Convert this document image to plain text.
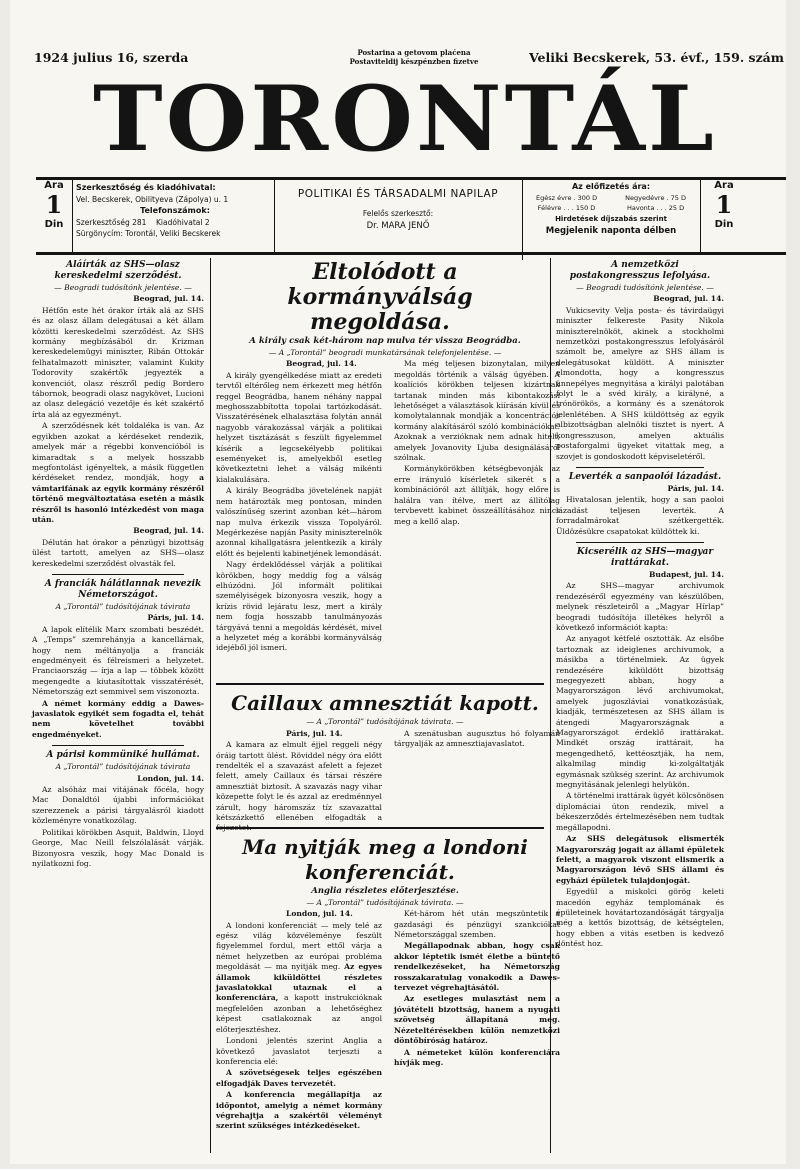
1924 julius 16, szerda	Postarina a getovom plaćena
Postaviteldij készpénzben fizetve	Veliki Becskerek, 53. évf., 159. szám
TORONTÁL
Ára
1
Din
Szerkesztőség és kiadóhivatal:
Vel. Becskerek, Obilityeva (Zápolya) u. 1
Telefonszámok:
Szerkesztőség 281 Kiadóhivatal 2
Sürgönycím: Torontál, Veliki Becskerek
POLITIKAI ÉS TÁRSADALMI NAPILAP
Felelős szerkesztő:
Dr. MARA JENŐ
Az előfizetés ára:
Egész évre . 300 D
Félévre . . . 150 D
Negyedévre . 75 D
Havonta . . . 25 D
Hirdetések díjszabás szerint
Megjelenik naponta délben
Ára
1
Din

Aláírták az SHS—olasz kereskedelmi szerződést.

— Beogradi tudósítónk jelentése. —

Beograd, jul. 14.

Hétfőn este hét órakor írták alá az SHS és az olasz állam delegátusai a két állam közötti kereskedelmi szerződést. Az SHS kormány megbízásából dr. Krizman kereskedelemügyi miniszter, Ribán Ottokár felhatalmazott miniszter, valamint Kukity Todorovity szakértők jegyezték a konvenciót, olasz részről pedig Bordero tábornok, beogradi olasz nagykövet, Lucioni az olasz delegáció vezetője és két szakértő írta alá az egyezményt.

A szerződésnek két toldaléka is van. Az egyikben azokat a kérdéseket rendezik, amelyek már a régebbi konvencióból is kimaradtak s a melyek hosszabb megfontolást igényeltek, a másik független kérdéseket rendez, mondják, hogy a vámtarifának az egyik kormány részéről történő megváltoztatása esetén a másik részről is hasonló intézkedést von maga után.

Beograd, jul. 14.

Délután hat órakor a pénzügyi bizottság ülést tartott, amelyen az SHS—olasz kereskedelmi szerződést olvasták fel.

A franciák hálátlannak nevezik Németországot.

A „Torontál” tudósítójának távirata

Páris, jul. 14.

A lapok elítélik Marx szombati beszédét. A „Temps” szemrehányja a kancellárnak, hogy nem méltányolja a franciák engedményeit és félreismeri a helyzetet. Franciaország — írja a lap — többek között megengedte a kiutasítottak visszatérését, Németország ezt semmivel sem viszonozta.

A német kormány eddig a Dawes-javaslatok egyikét sem fogadta el, tehát nem követelhet további engedményeket.

A párisi kommüniké hullámat.

A „Torontál” tudósítójának távirata

London, jul. 14.

Az alsóház mai vitájának főcéla, hogy Mac Donaldtól újabbi információkat szerezzenek a párisi tárgyalásról kiadott közleményre vonatkozólag.

Politikai körökben Asquit, Baldwin, Lloyd George, Mac Neill felszólalását várják. Bizonyosra veszik, hogy Mac Donald is nyilatkozni fog.

Eltolódott a kormányválság megoldása.

A király csak két-három nap mulva tér vissza Beográdba.

— A „Torontál” beogradi munkatársának telefonjelentése. —

Beograd, jul. 14.

A király gyengélkedése miatt az eredeti tervtől eltérőleg nem érkezett meg hétfőn reggel Beográdba, hanem néhány nappal meghosszabbította topolai tartózkodását. Visszatérésének elhalasztása folytán annál nagyobb várakozással várják a politikai helyzet tisztázását s feszült figyelemmel kísérik a legcsekélyebb politikai eseményeket is, amelyekből esetleg következtetni lehet a válság mikénti kialakulására.

A király Beográdba jövetelének napját nem határozták meg pontosan, minden valószínűség szerint azonban két—három nap mulva érkezik vissza Topolyáról. Megérkezése napján Pasity miniszterelnök azonnal kihallgatásra jelentkezik a király előtt és bejelenti kabinetjének lemondását.

Nagy érdeklődéssel várják a politikai körökben, hogy meddig fog a válság elhúzódni. Jól informált politikai személyiségek bizonyosra veszik, hogy a krízis rövid lejáratu lesz, mert a király nem fogja hosszabb tanulmányozás tárgyává tenni a megoldás kérdését, mivel a helyzetet még a korábbi kormányválság idejéből jól ismeri.

Ma még teljesen bizonytalan, milyen megoldás történik a válság ügyében. A koalíciós körökben teljesen kizártnak tartanak minden más kibontakozási lehetőséget a választások kiírásán kívül és komolytalannak mondják a koncentrációs kormány alakításáról szóló kombinációkat. Azoknak a verzióknak nem adnak hitelt, amelyek Jovanovity Ljuba designálásáról szólnak.

Kormánykörökben kétségbevonják az erre irányuló kísérletek sikerét s a kombinációról azt állítják, hogy előre is halálra van ítélve, mert az állítólag tervbevett kabinet összeállításához nincs meg a kellő alap.

Caillaux amnesztiát kapott.

— A „Torontál” tudósítójának távirata. —

Páris, jul. 14.

A kamara az elmult éjjel reggeli négy óráig tartott ülést. Röviddel négy óra előtt rendelték el a szavazást afelett a fejezet felett, amely Caillaux és társai részére amnesztiát biztosít. A szavazás nagy vihar közepette folyt le és azzal az eredménnyel zárult, hogy háromszáz tíz szavazattal kétszázkettő ellenében elfogadták a fejezetet.

A szenátusban augusztus hó folyamán tárgyalják az amnesztiajavaslatot.

Ma nyitják meg a londoni konferenciát.

Anglia részletes előterjesztése.

— A „Torontál” tudósítójának távirata. —

London, jul. 14.

A londoni konferenciát — mely telé az egész világ közvéleménye feszült figyelemmel fordul, mert ettől várja a német helyzetben az európai probléma megoldását — ma nyitják meg. Az egyes államok kiküldöttei részletes javaslatokkal utaznak el a konferenciára, a kapott instrukcióknak megfelelően azonban a lehetőséghez képest csatlakoznak az angol előterjesztéshez.

Londoni jelentés szerint Anglia a következő javaslatot terjeszti a konferencia elé:

A szövetségesek teljes egészében elfogadják Daves tervezetét.

A konferencia megállapítja az időpontot, amelyig a német kormány végrehajtja a szakértői véleményt szerint szükséges intézkedéseket.

Két-három hét után megszüntetik a gazdasági és pénzügyi szankciókat Németországgal szemben.

Megállapodnak abban, hogy csak akkor léptetik ismét életbe a büntető rendelkezéseket, ha Németország rosszakaratulag vonakodik a Dawes-tervezet végrehajtásától.

Az esetleges mulasztást nem a jóvátételi bizottság, hanem a nyugati szövetség állapítaná meg. Nézeteltérésekben külön nemzetközi döntőbíróság határoz.

A németeket külön konferenciára hívják meg.

A nemzetközi postakongresszus lefolyása.

— Beogradi tudósítónk jelentése. —

Beograd, jul. 14.

Vukicsevity Velja posta- és távirdaügyi miniszter felkereste Pasity Nikola miniszterelnököt, akinek a stockholmi nemzetközi postakongresszus lefolyásáról számolt be, amelyre az SHS állam is delegátusokat küldött. A miniszter elmondotta, hogy a kongresszus ünnepélyes megnyitása a királyi palotában folyt le a svéd király, a királyné, a trónörökös, a kormány és a szenátorok jelenlétében. A SHS küldöttség az egyik albizottságban alelnöki tisztet is nyert. A kongresszuson, amelyen aktuális postaforgalmi ügyeket vitattak meg, a szovjet is gondoskodott képviseletéről.

Leverték a sanpaolói lázadást.

Páris, jul. 14.

Hivatalosan jelentik, hogy a san paoloi lázadást teljesen leverték. A forradalmárokat szétkergették. Üldözésükre csapatokat küldöttek ki.

Kicserélik az SHS—magyar irattárakat.

Budapest, jul. 14.

Az SHS—magyar archivumok rendezéséről egyezmény van készülőben, melynek részleteiről a „Magyar Hírlap” beogradi tudósítója illetékes helyről a következő információt kapta:

Az anyagot kétfelé osztották. Az elsőbe tartoznak az ideiglenes archivumok, a másikba a történelmiek. Az ügyek rendezésére kiküldött bizottság megegyezett abban, hogy a Magyarországon lévő archivumokat, amelyek jugoszláviai vonatkozásúak, kiadják, természetesen az SHS állam is átengedi Magyarországnak a Magyarországot érdeklő irattárakat. Mindkét ország irattárait, ha megengedhető, kettéosztják, ha nem, alkalmilag mindig ki-zolgáltatják egymásnak szükség szerint. Az archivumok megnyitásának jelenlegi helyükön.

A történelmi irattárak ügyét kölcsönösen diplomáciai úton rendezik, mivel a békeszerződés értelmezésében nem tudtak megállapodni.

Az SHS delegátusok elismerték Magyarország jogait az állami épületek felett, a magyarok viszont elismerik a Magyarországon lévő SHS állami és egyházi épületek tulajdonjogát.

Egyedül a miskolci görög keleti macedón egyház templomának és épületeinek hovátartozandóságát tárgyalja még a kettős bizottság, de kétségtelen, hogy ebben a vitás esetben is kedvező döntést hoz.
